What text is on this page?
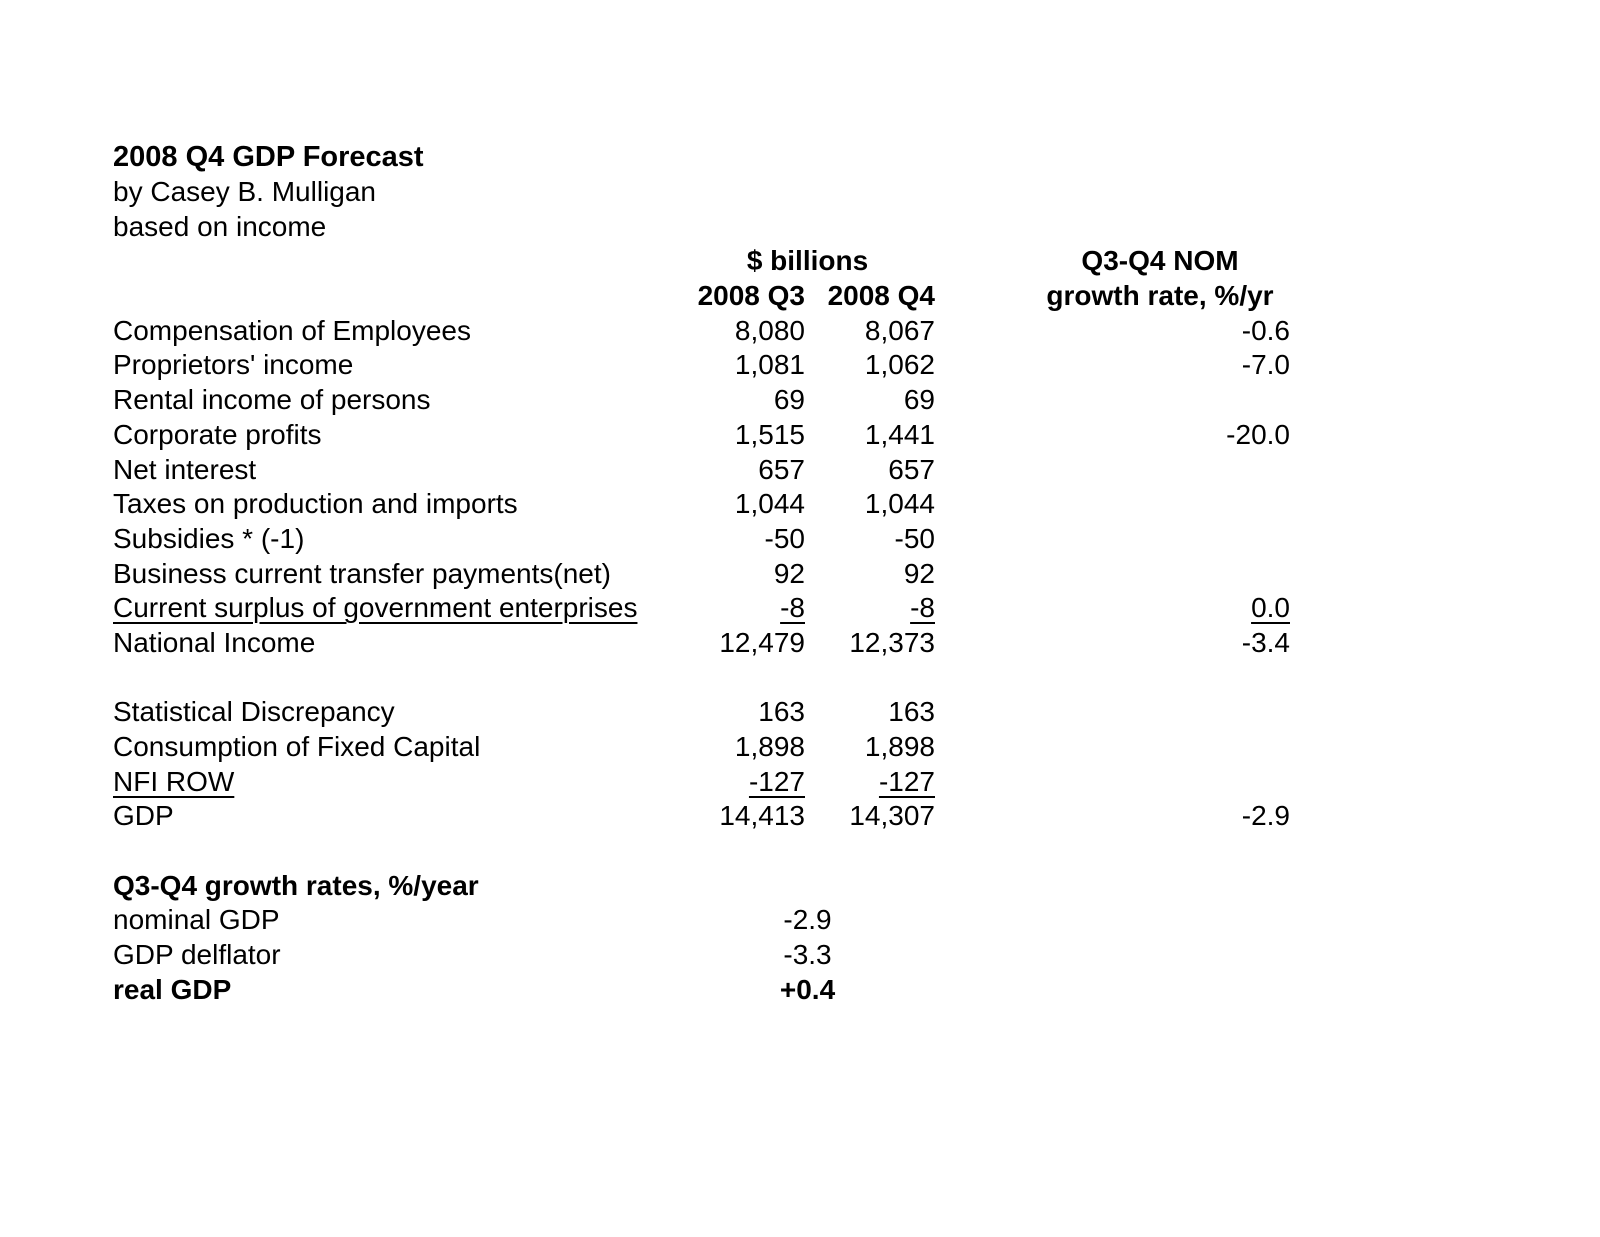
2008 Q4 GDP Forecast
by Casey B. Mulligan
based on income
$ billions	Q3-Q4 NOM
2008 Q3 2008 Q4	growth rate, %/yr
Compensation of Employees	8,080	8,067	-0.6
Proprietors' income	1,081	1,062	-7.0
Rental income of persons	69	69
Corporate profits	1,515	1,441	-20.0
Net interest	657	657
Taxes on production and imports	1,044	1,044
Subsidies * (-1)	-50	-50
Business current transfer payments(net)	92	92
Current surplus of government enterprises	-8	-8	0.0
National Income	12,479	12,373	-3.4
Statistical Discrepancy	163	163
Consumption of Fixed Capital	1,898	1,898
NFI ROW	-127	-127
GDP	14,413	14,307	-2.9
Q3-Q4 growth rates, %/year
nominal GDP	-2.9
GDP delflator	-3.3
real GDP	+0.4
